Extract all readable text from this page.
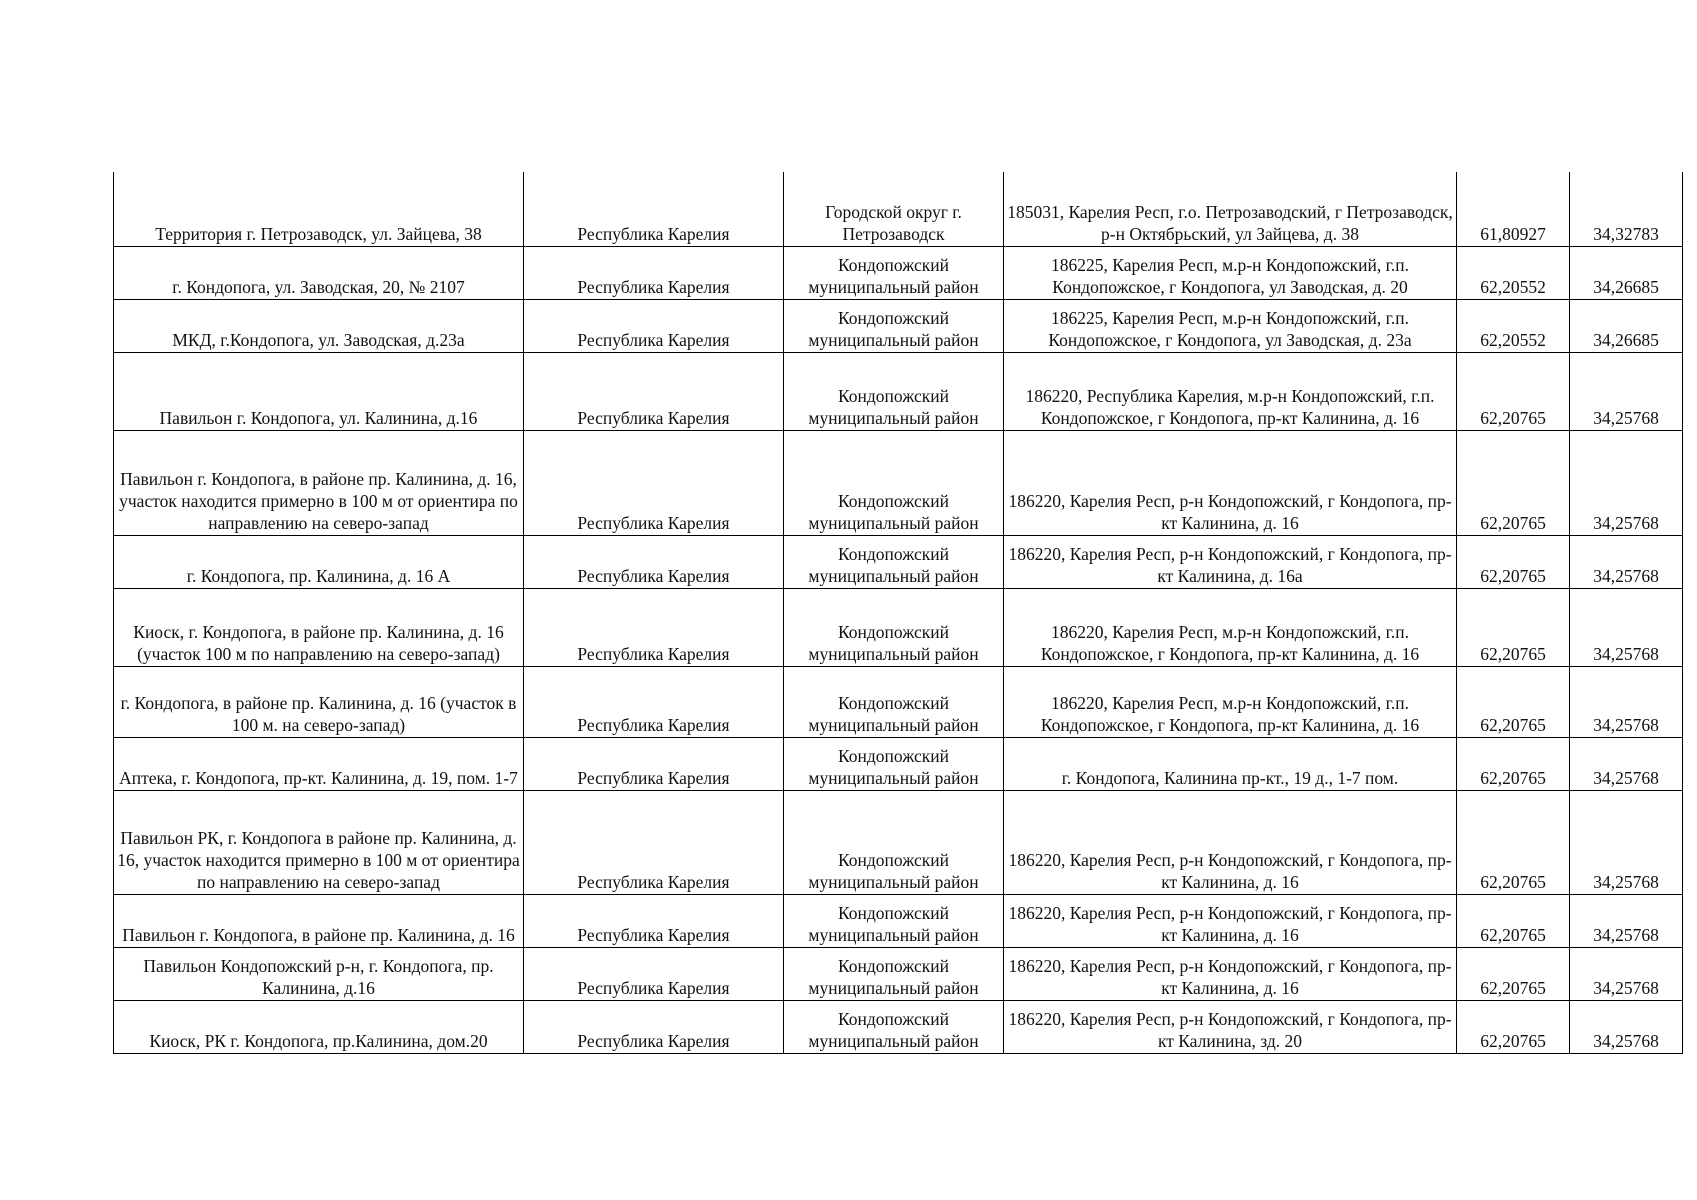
Территория г. Петрозаводск, ул. Зайцева, 38	Республика Карелия	Городской округ г. Петрозаводск	185031, Карелия Респ, г.о. Петрозаводский, г Петрозаводск, р-н Октябрьский, ул Зайцева, д. 38	61,80927	34,32783
г. Кондопога, ул. Заводская, 20, № 2107	Республика Карелия	Кондопожский муниципальный район	186225, Карелия Респ, м.р-н Кондопожский, г.п. Кондопожское, г Кондопога, ул Заводская, д. 20	62,20552	34,26685
МКД, г.Кондопога, ул. Заводская, д.23а	Республика Карелия	Кондопожский муниципальный район	186225, Карелия Респ, м.р-н Кондопожский, г.п. Кондопожское, г Кондопога, ул Заводская, д. 23а	62,20552	34,26685
Павильон г. Кондопога, ул. Калинина, д.16	Республика Карелия	Кондопожский муниципальный район	186220, Республика Карелия, м.р-н Кондопожский, г.п. Кондопожское, г Кондопога, пр-кт Калинина, д. 16	62,20765	34,25768
Павильон г. Кондопога, в районе пр. Калинина, д. 16, участок находится примерно в 100 м от ориентира по направлению на северо-запад	Республика Карелия	Кондопожский муниципальный район	186220, Карелия Респ, р-н Кондопожский, г Кондопога, пр-кт Калинина, д. 16	62,20765	34,25768
г. Кондопога, пр. Калинина, д. 16 А	Республика Карелия	Кондопожский муниципальный район	186220, Карелия Респ, р-н Кондопожский, г Кондопога, пр-кт Калинина, д. 16а	62,20765	34,25768
Киоск, г. Кондопога, в районе пр. Калинина, д. 16 (участок 100 м по направлению на северо-запад)	Республика Карелия	Кондопожский муниципальный район	186220, Карелия Респ, м.р-н Кондопожский, г.п. Кондопожское, г Кондопога, пр-кт Калинина, д. 16	62,20765	34,25768
г. Кондопога, в районе пр. Калинина, д. 16 (участок в 100 м. на северо-запад)	Республика Карелия	Кондопожский муниципальный район	186220, Карелия Респ, м.р-н Кондопожский, г.п. Кондопожское, г Кондопога, пр-кт Калинина, д. 16	62,20765	34,25768
Аптека, г. Кондопога, пр-кт. Калинина, д. 19, пом. 1-7	Республика Карелия	Кондопожский муниципальный район	г. Кондопога, Калинина пр-кт., 19 д., 1-7 пом.	62,20765	34,25768
Павильон РК, г. Кондопога в районе пр. Калинина, д. 16, участок находится примерно в 100 м от ориентира по направлению на северо-запад	Республика Карелия	Кондопожский муниципальный район	186220, Карелия Респ, р-н Кондопожский, г Кондопога, пр-кт Калинина, д. 16	62,20765	34,25768
Павильон г. Кондопога, в районе пр. Калинина, д. 16	Республика Карелия	Кондопожский муниципальный район	186220, Карелия Респ, р-н Кондопожский, г Кондопога, пр-кт Калинина, д. 16	62,20765	34,25768
Павильон Кондопожский р-н, г. Кондопога, пр. Калинина, д.16	Республика Карелия	Кондопожский муниципальный район	186220, Карелия Респ, р-н Кондопожский, г Кондопога, пр-кт Калинина, д. 16	62,20765	34,25768
Киоск, РК г. Кондопога, пр.Калинина, дом.20	Республика Карелия	Кондопожский муниципальный район	186220, Карелия Респ, р-н Кондопожский, г Кондопога, пр-кт Калинина, зд. 20	62,20765	34,25768
